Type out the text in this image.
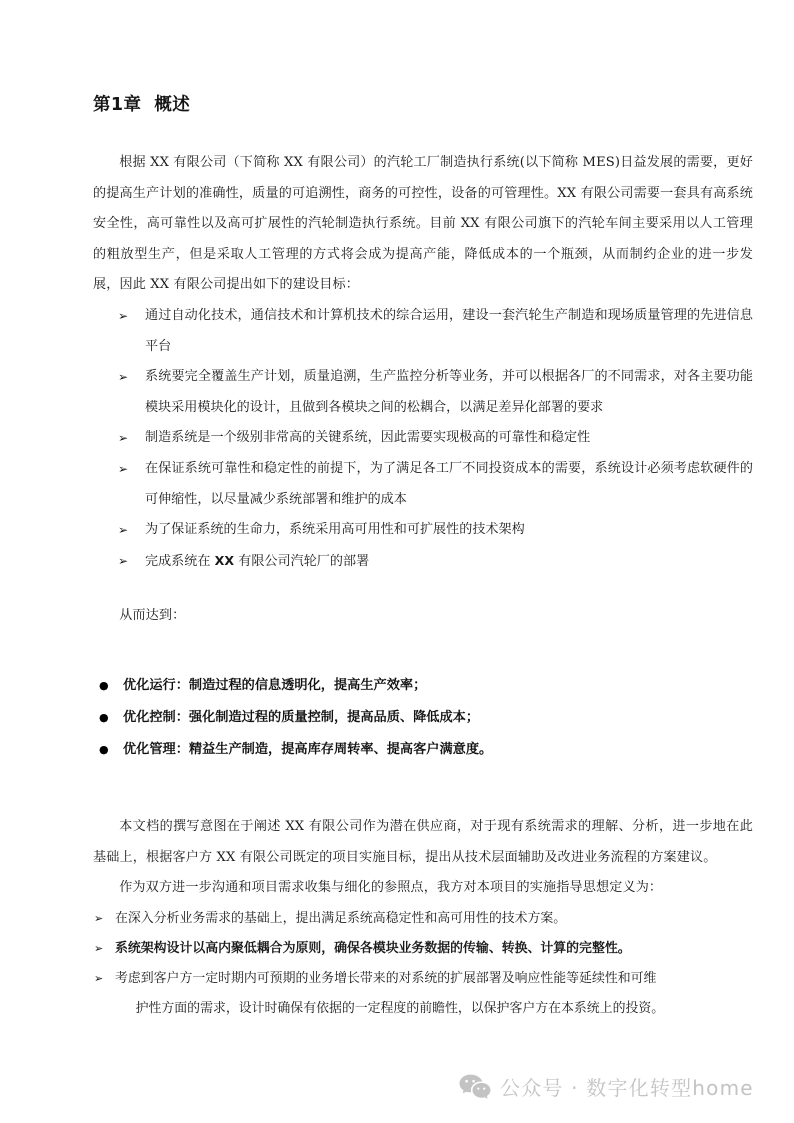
第1章  概述

根据 XX 有限公司（下简称 XX 有限公司）的汽轮工厂制造执行系统(以下简称 MES)日益发展的需要，更好的提高生产计划的准确性，质量的可追溯性，商务的可控性，设备的可管理性。XX 有限公司需要一套具有高系统安全性，高可靠性以及高可扩展性的汽轮制造执行系统。目前 XX 有限公司旗下的汽轮车间主要采用以人工管理的粗放型生产，但是采取人工管理的方式将会成为提高产能，降低成本的一个瓶颈，从而制约企业的进一步发展，因此 XX 有限公司提出如下的建设目标：

➢ 通过自动化技术，通信技术和计算机技术的综合运用，建设一套汽轮生产制造和现场质量管理的先进信息平台
➢ 系统要完全覆盖生产计划，质量追溯，生产监控分析等业务，并可以根据各厂的不同需求，对各主要功能模块采用模块化的设计，且做到各模块之间的松耦合，以满足差异化部署的要求
➢ 制造系统是一个级别非常高的关键系统，因此需要实现极高的可靠性和稳定性
➢ 在保证系统可靠性和稳定性的前提下，为了满足各工厂不同投资成本的需要，系统设计必须考虑软硬件的可伸缩性，以尽量减少系统部署和维护的成本
➢ 为了保证系统的生命力，系统采用高可用性和可扩展性的技术架构
➢ 完成系统在 XX 有限公司汽轮厂的部署

从而达到：

● 优化运行：制造过程的信息透明化，提高生产效率；
● 优化控制：强化制造过程的质量控制，提高品质、降低成本；
● 优化管理：精益生产制造，提高库存周转率、提高客户满意度。

本文档的撰写意图在于阐述 XX 有限公司作为潜在供应商，对于现有系统需求的理解、分析，进一步地在此基础上，根据客户方 XX 有限公司既定的项目实施目标，提出从技术层面辅助及改进业务流程的方案建议。

作为双方进一步沟通和项目需求收集与细化的参照点，我方对本项目的实施指导思想定义为：

➢ 在深入分析业务需求的基础上，提出满足系统高稳定性和高可用性的技术方案。
➢ 系统架构设计以高内聚低耦合为原则，确保各模块业务数据的传输、转换、计算的完整性。
➢ 考虑到客户方一定时期内可预期的业务增长带来的对系统的扩展部署及响应性能等延续性和可维
护性方面的需求，设计时确保有依据的一定程度的前瞻性，以保护客户方在本系统上的投资。
公众号 · 数字化转型home
